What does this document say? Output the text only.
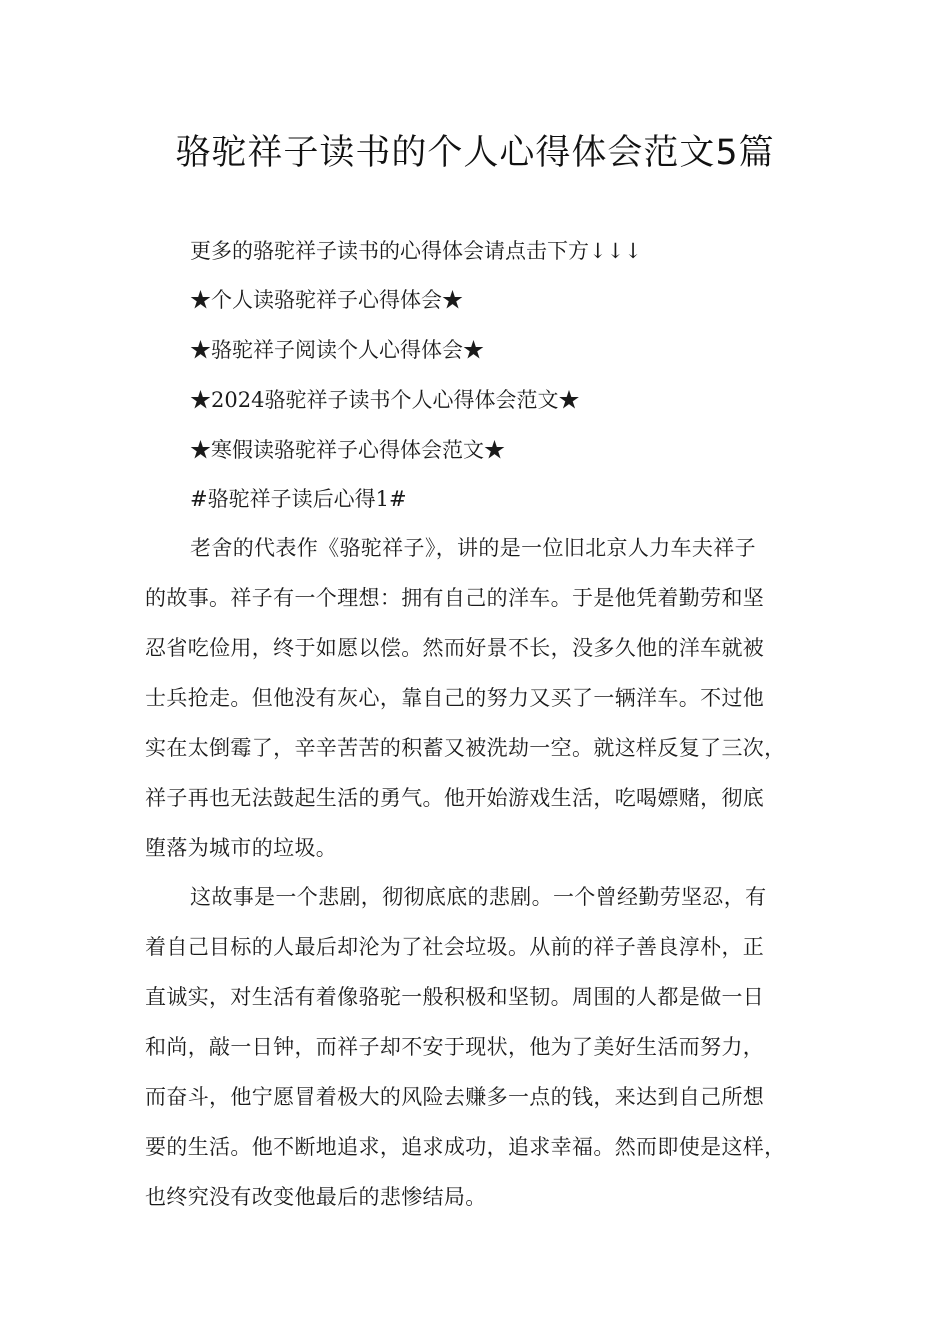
骆驼祥子读书的个人心得体会范文5篇
更多的骆驼祥子读书的心得体会请点击下方↓↓↓
★个人读骆驼祥子心得体会★
★骆驼祥子阅读个人心得体会★
★2024骆驼祥子读书个人心得体会范文★
★寒假读骆驼祥子心得体会范文★
#骆驼祥子读后心得1#
老舍的代表作《骆驼祥子》，讲的是一位旧北京人力车夫祥子
的故事。祥子有一个理想：拥有自己的洋车。于是他凭着勤劳和坚
忍省吃俭用，终于如愿以偿。然而好景不长，没多久他的洋车就被
士兵抢走。但他没有灰心，靠自己的努力又买了一辆洋车。不过他
实在太倒霉了，辛辛苦苦的积蓄又被洗劫一空。就这样反复了三次，
祥子再也无法鼓起生活的勇气。他开始游戏生活，吃喝嫖赌，彻底
堕落为城市的垃圾。
这故事是一个悲剧，彻彻底底的悲剧。一个曾经勤劳坚忍，有
着自己目标的人最后却沦为了社会垃圾。从前的祥子善良淳朴，正
直诚实，对生活有着像骆驼一般积极和坚韧。周围的人都是做一日
和尚，敲一日钟，而祥子却不安于现状，他为了美好生活而努力，
而奋斗，他宁愿冒着极大的风险去赚多一点的钱，来达到自己所想
要的生活。他不断地追求，追求成功，追求幸福。然而即使是这样，
也终究没有改变他最后的悲惨结局。
